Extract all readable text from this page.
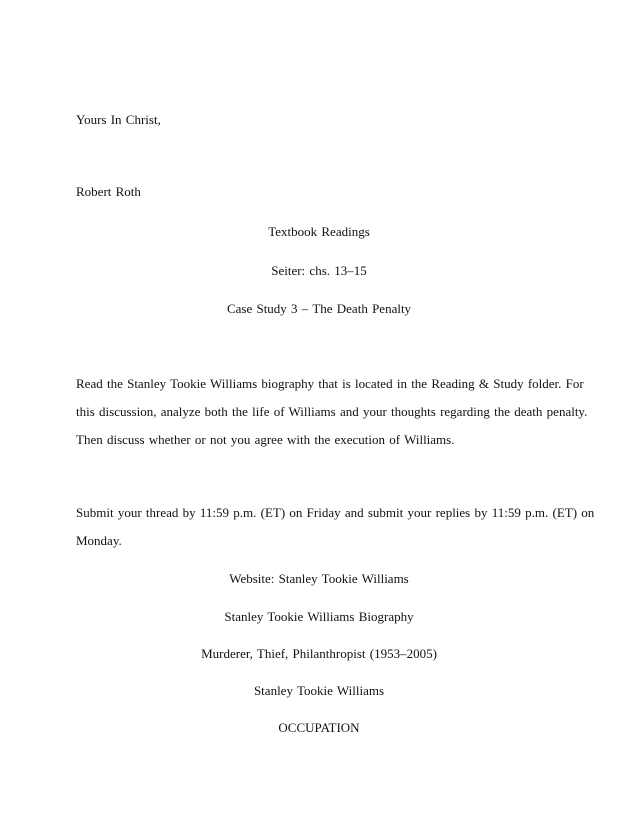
Yours In Christ,
Robert Roth
Textbook Readings
Seiter: chs. 13–15
Case Study 3 – The Death Penalty
Read the Stanley Tookie Williams biography that is located in the Reading & Study folder. For
this discussion, analyze both the life of Williams and your thoughts regarding the death penalty.
Then discuss whether or not you agree with the execution of Williams.
Submit your thread by 11:59 p.m. (ET) on Friday and submit your replies by 11:59 p.m. (ET) on
Monday.
Website: Stanley Tookie Williams
Stanley Tookie Williams Biography
Murderer, Thief, Philanthropist (1953–2005)
Stanley Tookie Williams
OCCUPATION
